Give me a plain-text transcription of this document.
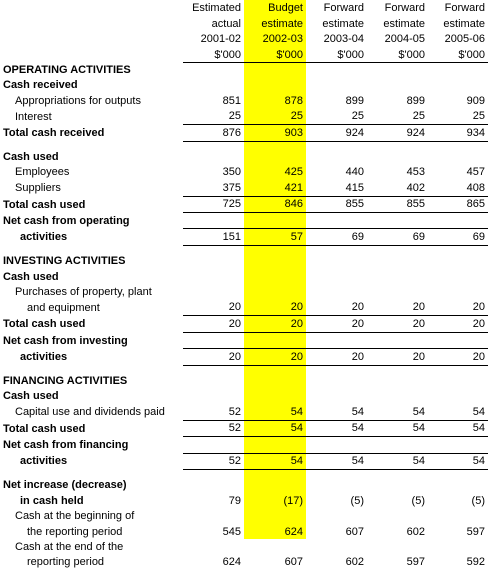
	Estimated	Budget	Forward	Forward	Forward
	actual	estimate	estimate	estimate	estimate
	2001-02	2002-03	2003-04	2004-05	2005-06
	$'000	$'000	$'000	$'000	$'000
OPERATING ACTIVITIES					
Cash received					
Appropriations for outputs	851	878	899	899	909
Interest	25	25	25	25	25
Total cash received	876	903	924	924	934

Cash used					
Employees	350	425	440	453	457
Suppliers	375	421	415	402	408
Total cash used	725	846	855	855	865
Net cash from operating					
activities	151	57	69	69	69

INVESTING ACTIVITIES					
Cash used					
Purchases of property, plant					
and equipment	20	20	20	20	20
Total cash used	20	20	20	20	20
Net cash from investing					
activities	20	20	20	20	20

FINANCING ACTIVITIES					
Cash used					
Capital use and dividends paid	52	54	54	54	54
Total cash used	52	54	54	54	54
Net cash from financing					
activities	52	54	54	54	54

Net increase (decrease)					
in cash held	79	(17)	(5)	(5)	(5)
Cash at the beginning of					
the reporting period	545	624	607	602	597
Cash at the end of the					
reporting period	624	607	602	597	592
